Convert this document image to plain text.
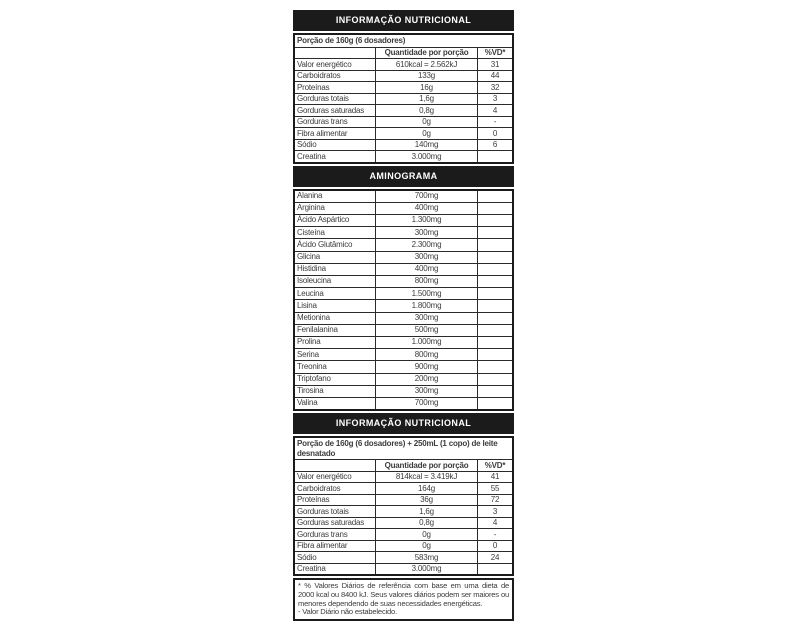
INFORMAÇÃO NUTRICIONAL
Porção de 160g (6 dosadores)
Quantidade por porção	%VD*
Valor energético	610kcal = 2.562kJ	31
Carboidratos	133g	44
Proteínas	16g	32
Gorduras totais	1,6g	3
Gorduras saturadas	0,8g	4
Gorduras trans	0g	-
Fibra alimentar	0g	0
Sódio	140mg	6
Creatina	3.000mg
AMINOGRAMA
Alanina	700mg
Arginina	400mg
Ácido Aspártico	1.300mg
Cisteína	300mg
Ácido Glutâmico	2.300mg
Glicina	300mg
Histidina	400mg
Isoleucina	800mg
Leucina	1.500mg
Lisina	1.800mg
Metionina	300mg
Fenilalanina	500mg
Prolina	1.000mg
Serina	800mg
Treonina	900mg
Triptofano	200mg
Tirosina	300mg
Valina	700mg
INFORMAÇÃO NUTRICIONAL
Porção de 160g (6 dosadores) + 250mL (1 copo) de leite desnatado
Quantidade por porção	%VD*
Valor energético	814kcal = 3.419kJ	41
Carboidratos	164g	55
Proteínas	36g	72
Gorduras totais	1,6g	3
Gorduras saturadas	0,8g	4
Gorduras trans	0g	-
Fibra alimentar	0g	0
Sódio	583mg	24
Creatina	3.000mg
* % Valores Diários de referência com base em uma dieta de 2000 kcal ou 8400 kJ. Seus valores diários podem ser maiores ou menores dependendo de suas necessidades energéticas.
- Valor Diário não estabelecido.
